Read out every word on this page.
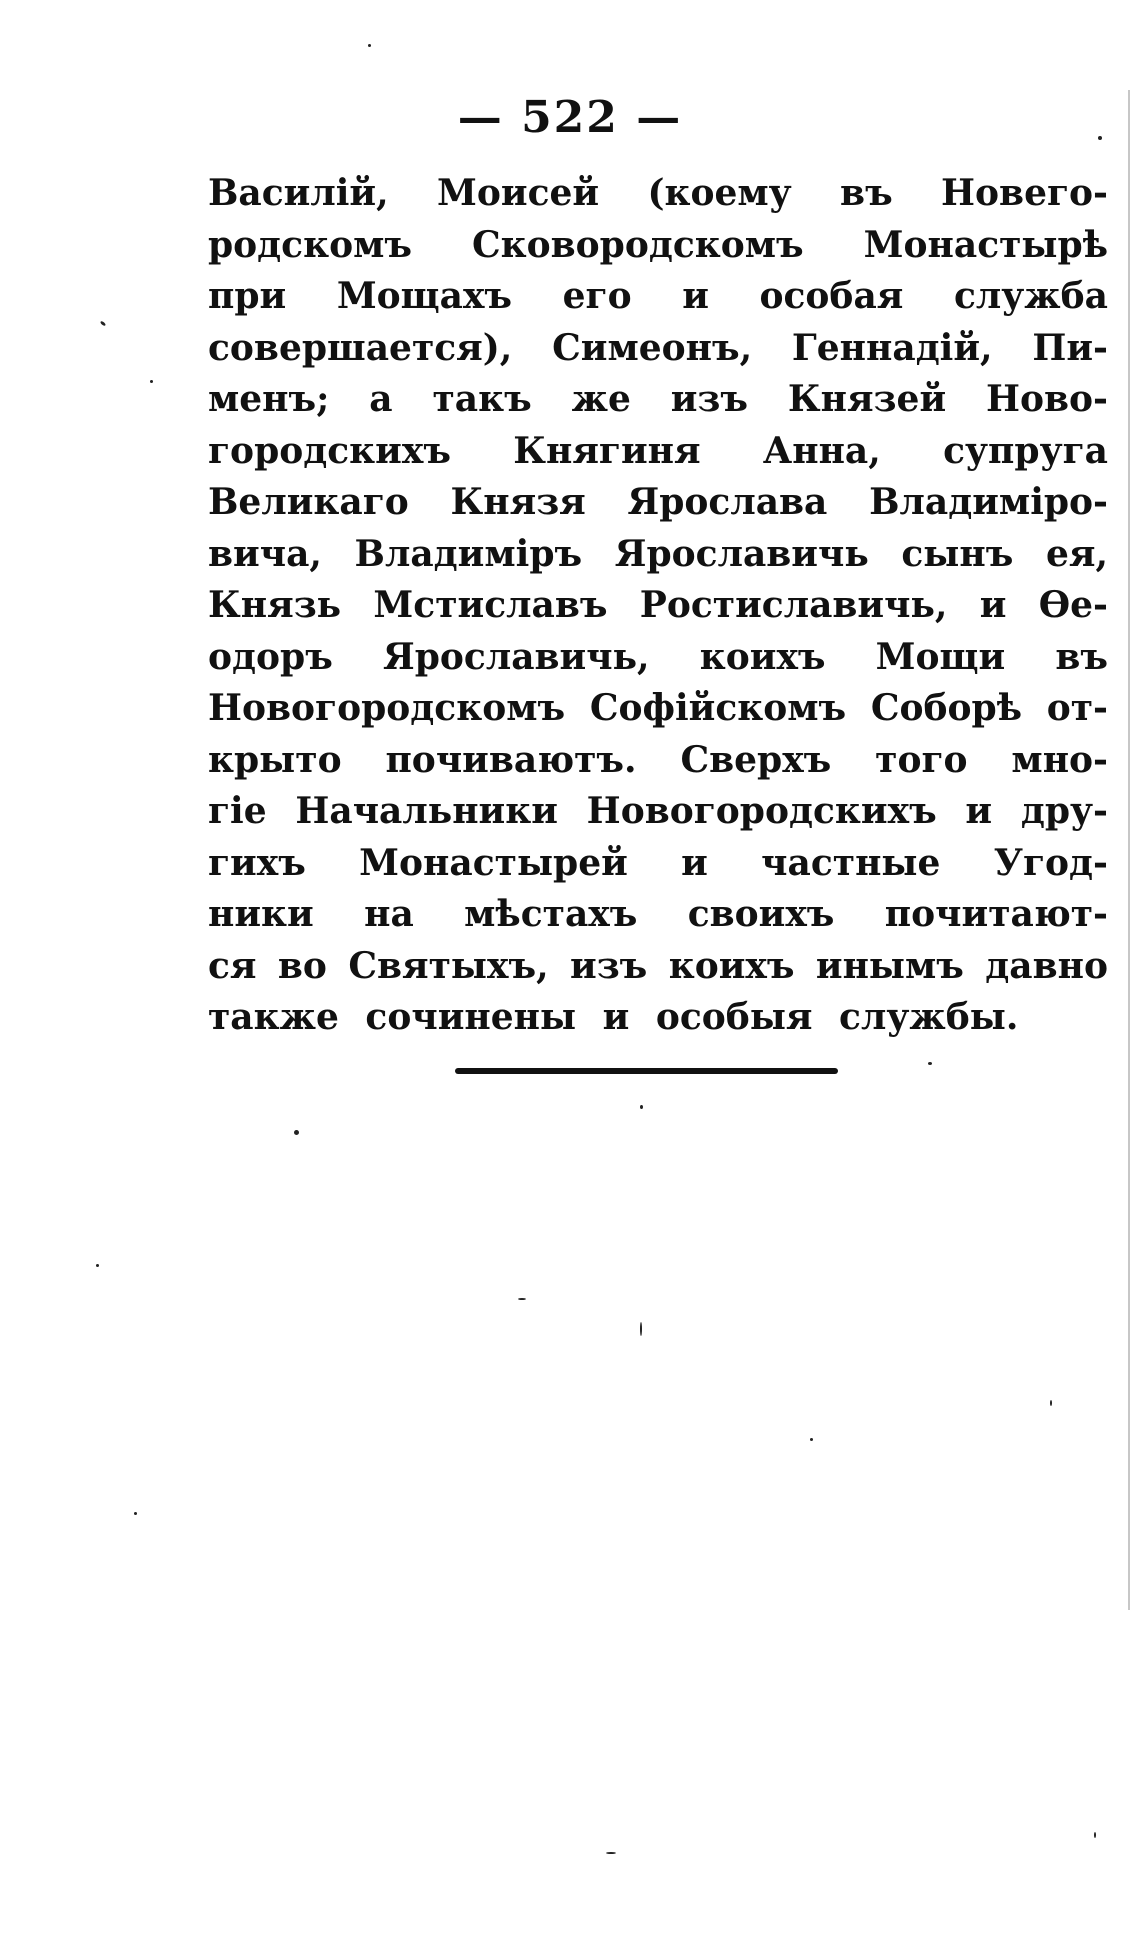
— 522 —
Василій, Моисей (коему въ Новего-
родскомъ Сковородскомъ Монастырѣ
при Мощахъ его и особая служба
совершается), Симеонъ, Геннадій, Пи-
менъ; а такъ же изъ Князей Ново-
городскихъ Княгиня Анна, супруга
Великаго Князя Ярослава Владиміро-
вича, Владиміръ Ярославичь сынъ ея,
Князь Мстиславъ Ростиславичь, и Ѳе-
одоръ Ярославичь, коихъ Мощи въ
Новогородскомъ Софійскомъ Соборѣ от-
крыто почиваютъ. Сверхъ того мно-
гіе Начальники Новогородскихъ и дру-
гихъ Монастырей и частные Угод-
ники на мѣстахъ своихъ почитают-
ся во Святыхъ, изъ коихъ инымъ давно
также сочинены и особыя службы.
